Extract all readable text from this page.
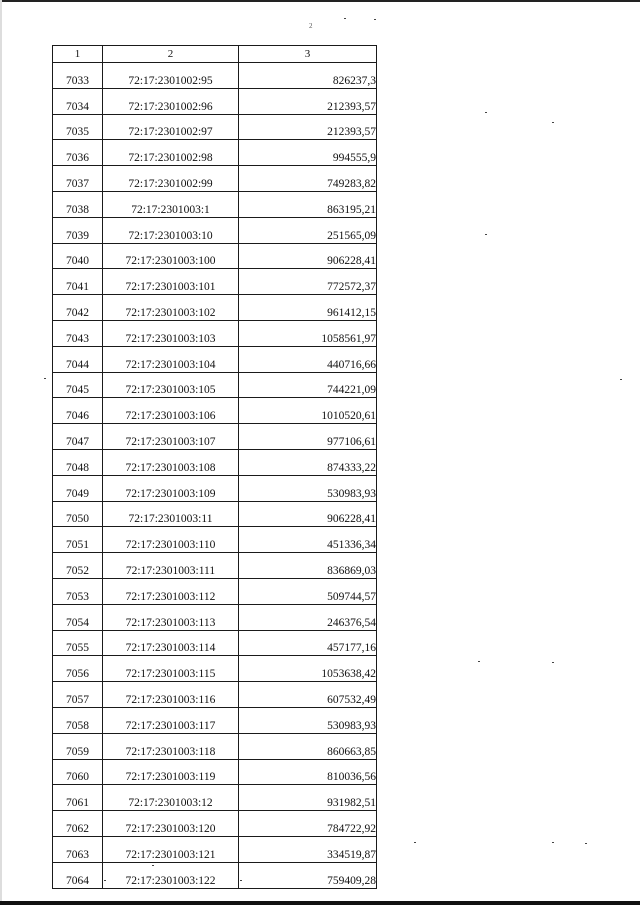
2
1	2	3
7033	72:17:2301002:95	826237,3
7034	72:17:2301002:96	212393,57
7035	72:17:2301002:97	212393,57
7036	72:17:2301002:98	994555,9
7037	72:17:2301002:99	749283,82
7038	72:17:2301003:1	863195,21
7039	72:17:2301003:10	251565,09
7040	72:17:2301003:100	906228,41
7041	72:17:2301003:101	772572,37
7042	72:17:2301003:102	961412,15
7043	72:17:2301003:103	1058561,97
7044	72:17:2301003:104	440716,66
7045	72:17:2301003:105	744221,09
7046	72:17:2301003:106	1010520,61
7047	72:17:2301003:107	977106,61
7048	72:17:2301003:108	874333,22
7049	72:17:2301003:109	530983,93
7050	72:17:2301003:11	906228,41
7051	72:17:2301003:110	451336,34
7052	72:17:2301003:111	836869,03
7053	72:17:2301003:112	509744,57
7054	72:17:2301003:113	246376,54
7055	72:17:2301003:114	457177,16
7056	72:17:2301003:115	1053638,42
7057	72:17:2301003:116	607532,49
7058	72:17:2301003:117	530983,93
7059	72:17:2301003:118	860663,85
7060	72:17:2301003:119	810036,56
7061	72:17:2301003:12	931982,51
7062	72:17:2301003:120	784722,92
7063	72:17:2301003:121	334519,87
7064	72:17:2301003:122	759409,28
